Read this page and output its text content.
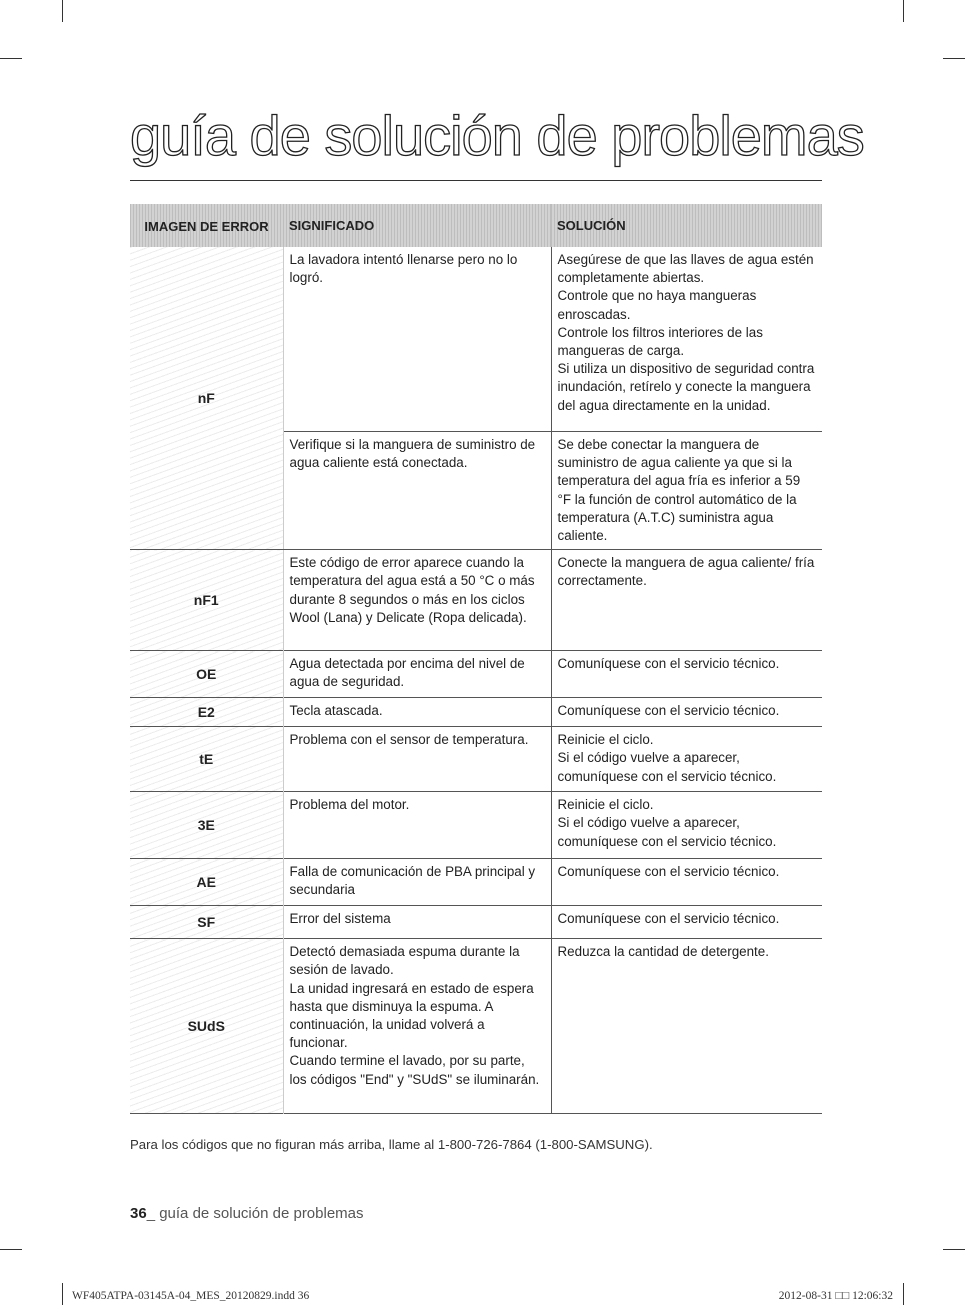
guía de solución de problemas
IMAGEN DE ERROR	SIGNIFICADO	SOLUCIÓN
nF	La lavadora intentó llenarse pero no lo logró.	Asegúrese de que las llaves de agua estén completamente abiertas.
Controle que no haya mangueras enroscadas.
Controle los filtros interiores de las mangueras de carga.
Si utiliza un dispositivo de seguridad contra inundación, retírelo y conecte la manguera del agua directamente en la unidad.

	Verifique si la manguera de suministro de agua caliente está conectada.	Se debe conectar la manguera de suministro de agua caliente ya que si la temperatura del agua fría es inferior a 59 °F la función de control automático de la temperatura (A.T.C) suministra agua caliente.

nF1	Este código de error aparece cuando la temperatura del agua está a 50 °C o más durante 8 segundos o más en los ciclos Wool (Lana) y Delicate (Ropa delicada).	Conecte la manguera de agua caliente/ fría correctamente.

OE	Agua detectada por encima del nivel de agua de seguridad.	Comuníquese con el servicio técnico.

E2	Tecla atascada.	Comuníquese con el servicio técnico.

tE	Problema con el sensor de temperatura.	Reinicie el ciclo.
Si el código vuelve a aparecer, comuníquese con el servicio técnico.

3E	Problema del motor.	Reinicie el ciclo.
Si el código vuelve a aparecer, comuníquese con el servicio técnico.

AE	Falla de comunicación de PBA principal y secundaria	Comuníquese con el servicio técnico.

SF	Error del sistema	Comuníquese con el servicio técnico.

SUdS	Detectó demasiada espuma durante la sesión de lavado.
La unidad ingresará en estado de espera hasta que disminuya la espuma. A continuación, la unidad volverá a funcionar.
Cuando termine el lavado, por su parte, los códigos "End" y "SUdS" se iluminarán.	Reduzca la cantidad de detergente.
Para los códigos que no figuran más arriba, llame al 1-800-726-7864 (1-800-SAMSUNG).
36_ guía de solución de problemas
WF405ATPA-03145A-04_MES_20120829.indd 36	2012-08-31 □□ 12:06:32
